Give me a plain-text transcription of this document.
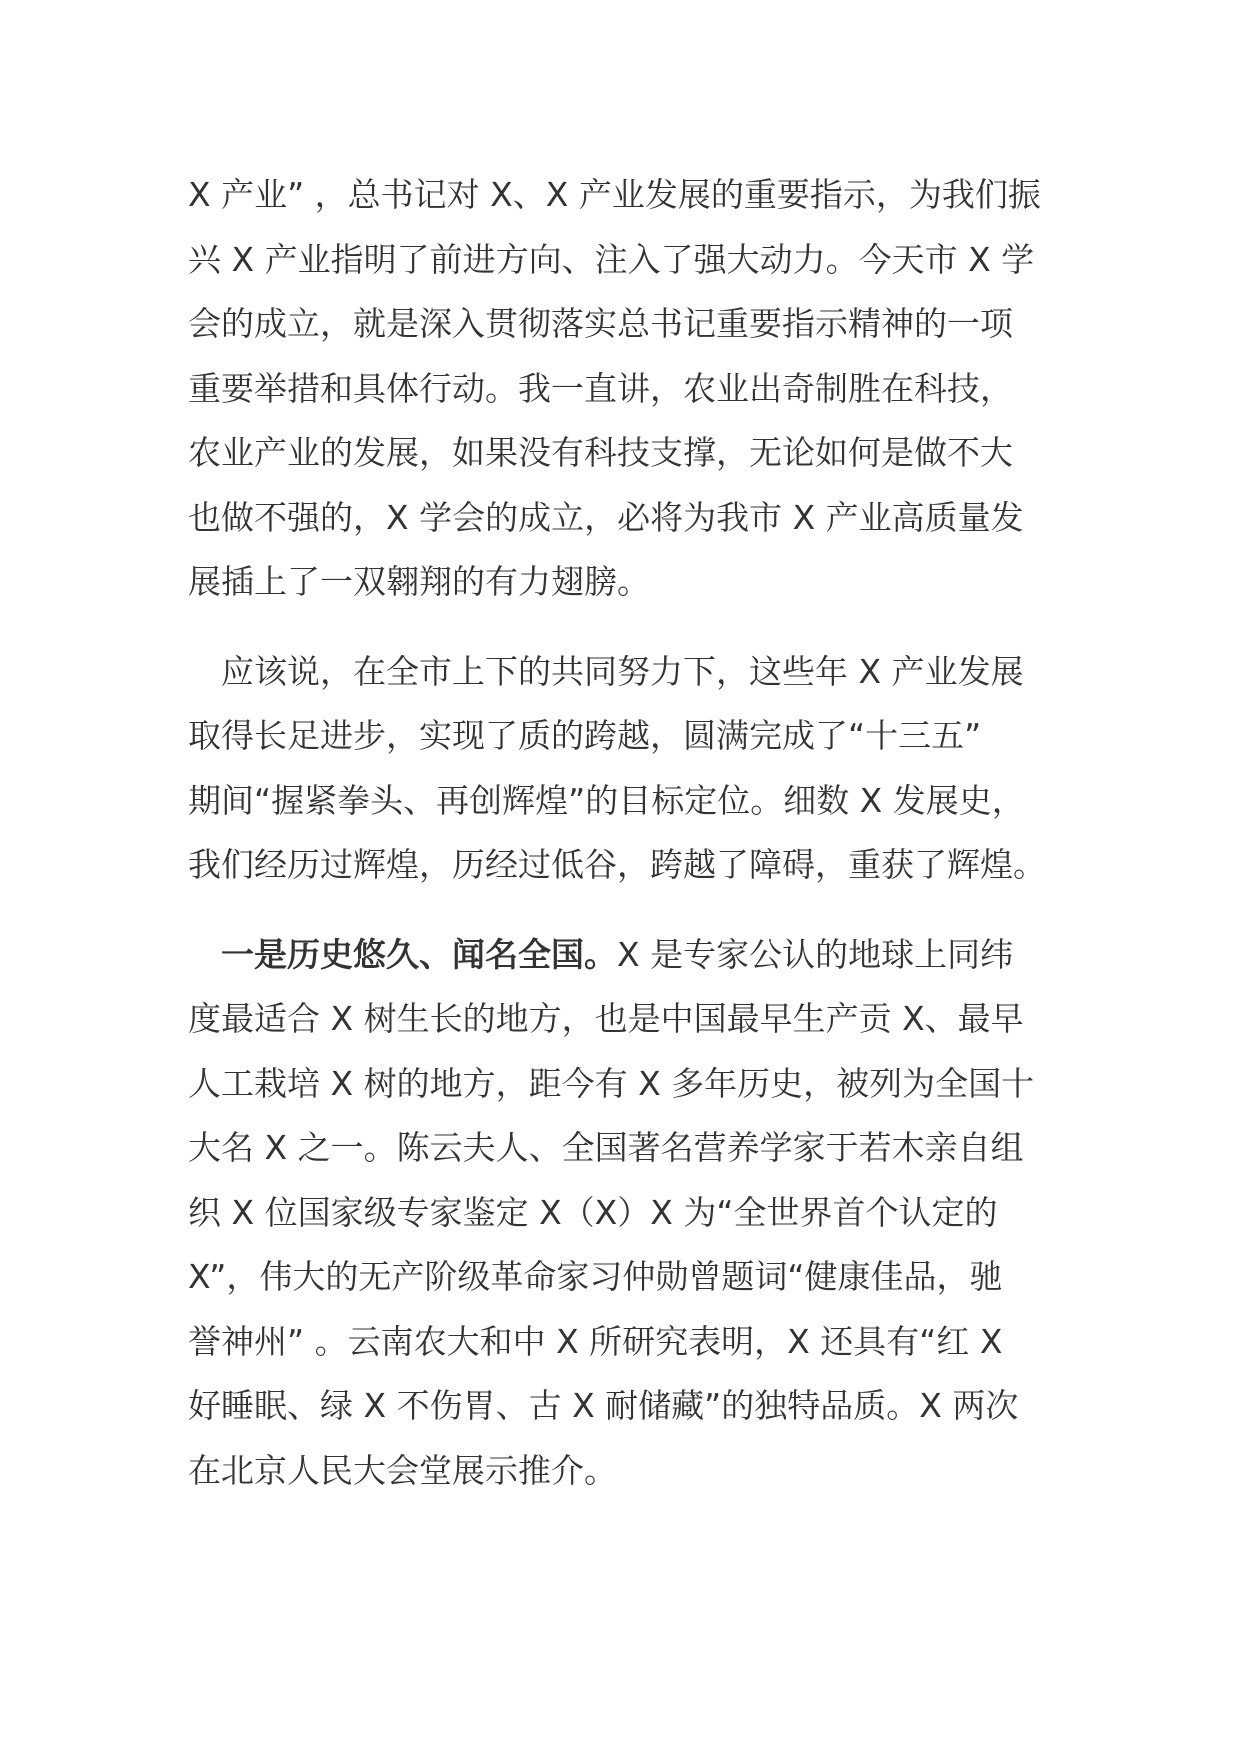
X 产业” ，总书记对 X、X 产业发展的重要指示，为我们振
兴 X 产业指明了前进方向、注入了强大动力。今天市 X 学
会的成立，就是深入贯彻落实总书记重要指示精神的一项
重要举措和具体行动。我一直讲，农业出奇制胜在科技，
农业产业的发展，如果没有科技支撑，无论如何是做不大
也做不强的，X 学会的成立，必将为我市 X 产业高质量发
展插上了一双翱翔的有力翅膀。

　应该说，在全市上下的共同努力下，这些年 X 产业发展
取得长足进步，实现了质的跨越，圆满完成了“十三五”
期间“握紧拳头、再创辉煌”的目标定位。细数 X 发展史，
我们经历过辉煌，历经过低谷，跨越了障碍，重获了辉煌。

　一是历史悠久、闻名全国。X 是专家公认的地球上同纬
度最适合 X 树生长的地方，也是中国最早生产贡 X、最早
人工栽培 X 树的地方，距今有 X 多年历史，被列为全国十
大名 X 之一。陈云夫人、全国著名营养学家于若木亲自组
织 X 位国家级专家鉴定 X（X）X 为“全世界首个认定的
X”，伟大的无产阶级革命家习仲勋曾题词“健康佳品，驰
誉神州” 。云南农大和中 X 所研究表明，X 还具有“红 X
好睡眠、绿 X 不伤胃、古 X 耐储藏”的独特品质。X 两次
在北京人民大会堂展示推介。
